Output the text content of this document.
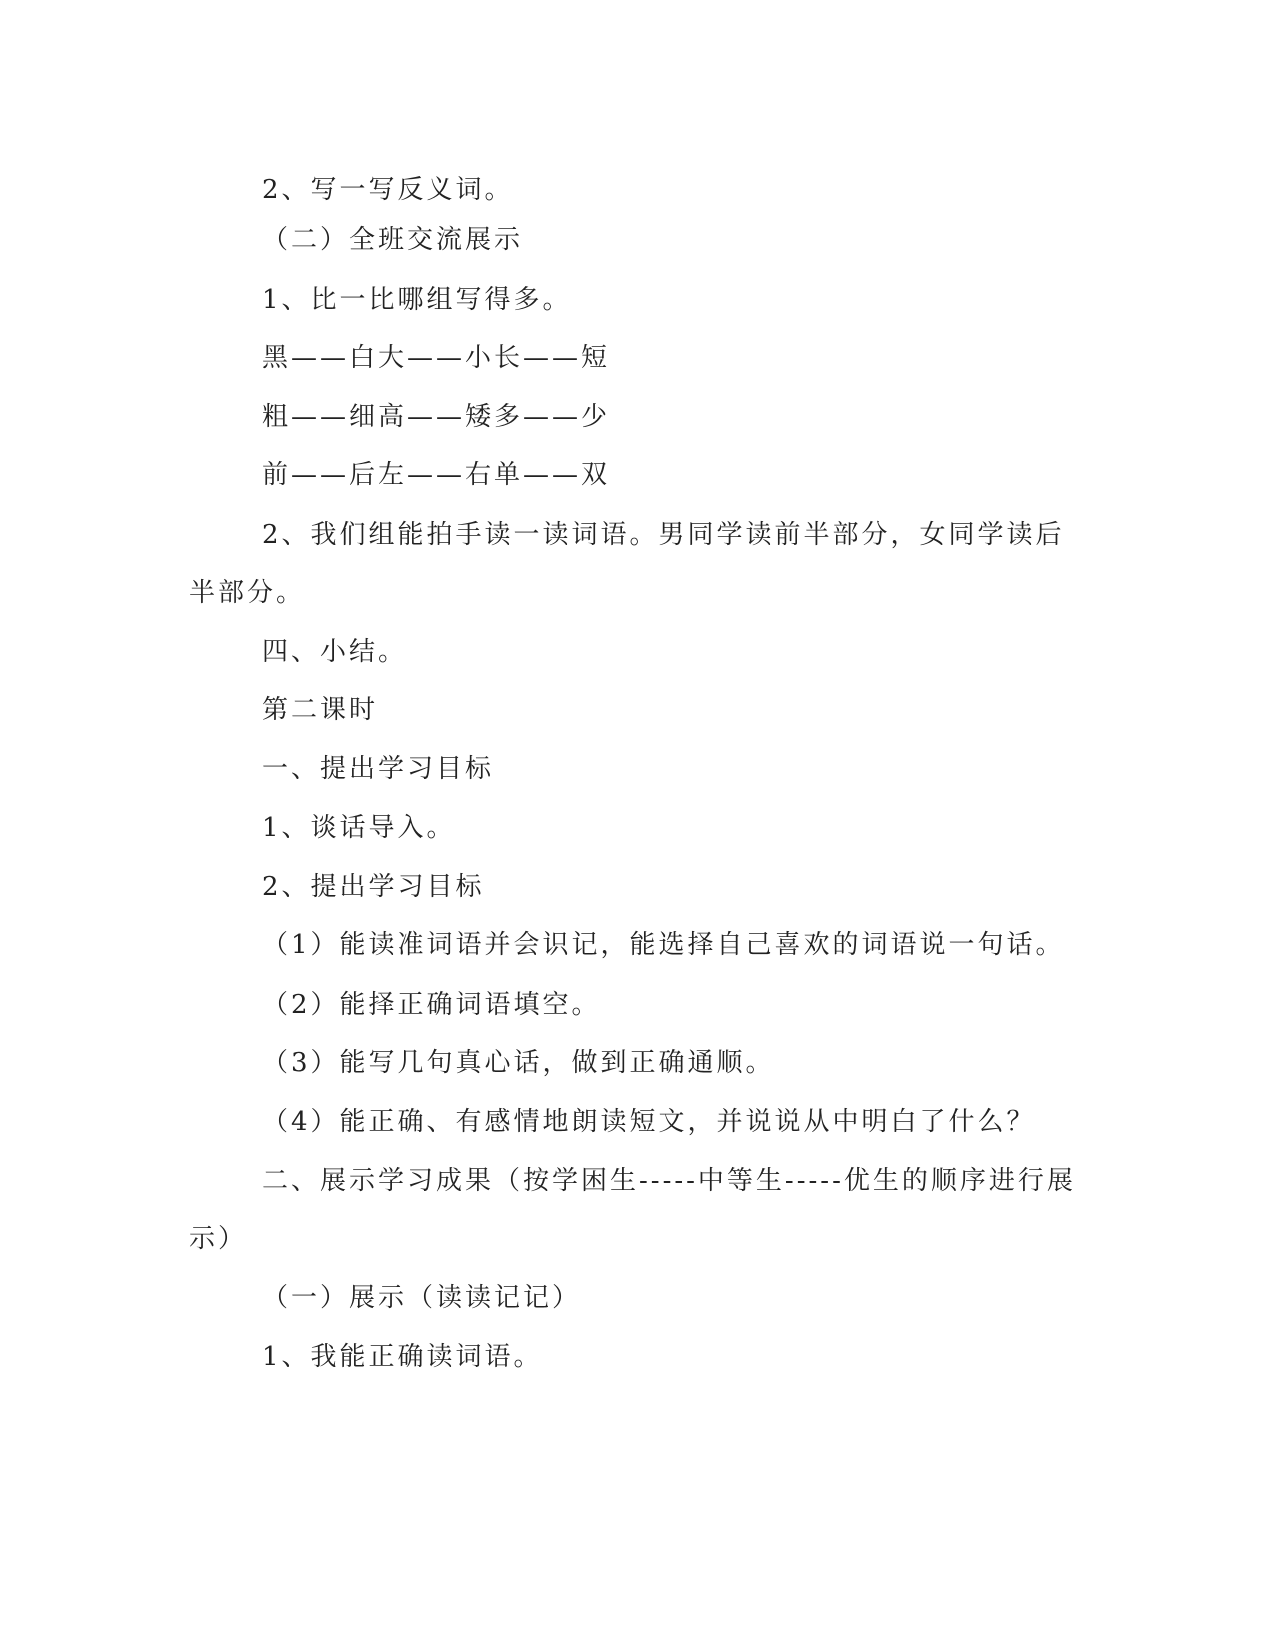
2、写一写反义词。
（二）全班交流展示
1、比一比哪组写得多。
黑——白大——小长——短
粗——细高——矮多——少
前——后左——右单——双
2、我们组能拍手读一读词语。男同学读前半部分，女同学读后
半部分。
四、小结。
第二课时
一、提出学习目标
1、谈话导入。
2、提出学习目标
（1）能读准词语并会识记，能选择自己喜欢的词语说一句话。
（2）能择正确词语填空。
（3）能写几句真心话，做到正确通顺。
（4）能正确、有感情地朗读短文，并说说从中明白了什么？
二、展示学习成果（按学困生-----中等生-----优生的顺序进行展
示）
（一）展示（读读记记）
1、我能正确读词语。
